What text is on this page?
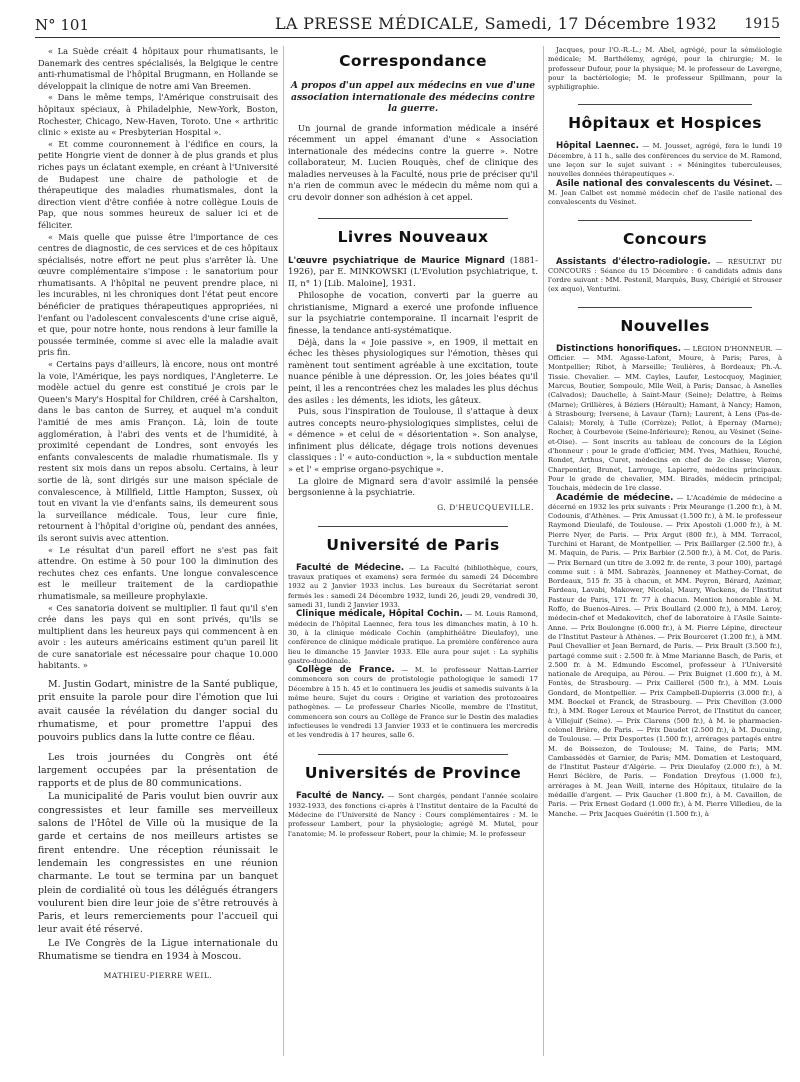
N° 101	LA PRESSE MÉDICALE, Samedi, 17 Décembre 1932 1915

« La Suède créait 4 hôpitaux pour rhumatisants, le Danemark des centres spécialisés, la Belgique le centre anti-rhumatismal de l'hôpital Brugmann, en Hollande se développait la clinique de notre ami Van Breemen.

« Dans le même temps, l'Amérique construisait des hôpitaux spéciaux, à Philadelphie, New-York, Boston, Rochester, Chicago, New-Haven, Toroto. Une « arthritic clinic » existe au « Presbyterian Hospital ».

« Et comme couronnement à l'édifice en cours, la petite Hongrie vient de donner à de plus grands et plus riches pays un éclatant exemple, en créant à l'Université de Budapest une chaire de pathologie et de thérapeutique des maladies rhumatismales, dont la direction vient d'être confiée à notre collègue Louis de Pap, que nous sommes heureux de saluer ici et de féliciter.

« Mais quelle que puisse être l'importance de ces centres de diagnostic, de ces services et de ces hôpitaux spécialisés, notre effort ne peut plus s'arrêter là. Une œuvre complémentaire s'impose : le sanatorium pour rhumatisants. A l'hôpital ne peuvent prendre place, ni les incurables, ni les chroniques dont l'état peut encore bénéficier de pratiques thérapeutiques appropriées, ni l'enfant ou l'adolescent convalescents d'une crise aiguë, et que, pour notre honte, nous rendons à leur famille la poussée terminée, comme si avec elle la maladie avait pris fin.

« Certains pays d'ailleurs, là encore, nous ont montré la voie, l'Amérique, les pays nordiques, l'Angleterre. Le modèle actuel du genre est constitué je crois par le Queen's Mary's Hospital for Children, créé à Carshalton, dans le bas canton de Surrey, et auquel m'a conduit l'amitié de mes amis Françon. Là, loin de toute agglomération, à l'abri des vents et de l'humidité, à proximité cependant de Londres, sont envoyés les enfants convalescents de maladie rhumatismale. Ils y restent six mois dans un repos absolu. Certains, à leur sortie de là, sont dirigés sur une maison spéciale de convalescence, à Millfield, Little Hampton, Sussex, où tout en vivant la vie d'enfants sains, ils demeurent sous la surveillance médicale. Tous, leur cure finie, retournent à l'hôpital d'origine où, pendant des années, ils seront suivis avec attention.

« Le résultat d'un pareil effort ne s'est pas fait attendre. On estime à 50 pour 100 la diminution des rechutes chez ces enfants. Une longue convalescence est le meilleur traitement de la cardiopathie rhumatismale, sa meilleure prophylaxie.

« Ces sanatoria doivent se multiplier. Il faut qu'il s'en crée dans les pays qui en sont privés, qu'ils se multiplient dans les heureux pays qui commencent à en avoir : les auteurs américains estiment qu'un pareil lit de cure sanatoriale est nécessaire pour chaque 10.000 habitants. »

M. Justin Godart, ministre de la Santé publique, prit ensuite la parole pour dire l'émotion que lui avait causée la révélation du danger social du rhumatisme, et pour promettre l'appui des pouvoirs publics dans la lutte contre ce fléau.

Les trois journées du Congrès ont été largement occupées par la présentation de rapports et de plus de 80 communications.

La municipalité de Paris voulut bien ouvrir aux congressistes et leur famille ses merveilleux salons de l'Hôtel de Ville où la musique de la garde et certains de nos meilleurs artistes se firent entendre. Une réception réunissait le lendemain les congressistes en une réunion charmante. Le tout se termina par un banquet plein de cordialité où tous les délégués étrangers voulurent bien dire leur joie de s'être retrouvés à Paris, et leurs remerciements pour l'accueil qui leur avait été réservé.

Le IVe Congrès de la Ligue internationale du Rhumatisme se tiendra en 1934 à Moscou.

MATHIEU-PIERRE WEIL.

Correspondance

A propos d'un appel aux médecins en vue d'une association internationale des médecins contre la guerre.

Un journal de grande information médicale a inséré récemment un appel émanant d'une « Association internationale des médecins contre la guerre ». Notre collaborateur, M. Lucien Rouquès, chef de clinique des maladies nerveuses à la Faculté, nous prie de préciser qu'il n'a rien de commun avec le médecin du même nom qui a cru devoir donner son adhésion à cet appel.

Livres Nouveaux

L'œuvre psychiatrique de Maurice Mignard (1881-1926), par E. MINKOWSKI (L'Evolution psychiatrique, t. II, n° 1) [Lib. Maloine], 1931.

Philosophe de vocation, converti par la guerre au christianisme, Mignard a exercé une profonde influence sur la psychiatrie contemporaine. Il incarnait l'esprit de finesse, la tendance anti-systématique.

Déjà, dans la « Joie passive », en 1909, il mettait en échec les thèses physiologiques sur l'émotion, thèses qui ramènent tout sentiment agréable à une excitation, toute nuance pénible à une dépression. Or, les joies béates qu'il peint, il les a rencontrées chez les malades les plus déchus des asiles : les déments, les idiots, les gâteux.

Puis, sous l'inspiration de Toulouse, il s'attaque à deux autres concepts neuro-physiologiques simplistes, celui de « démence » et celui de « désorientation ». Son analyse, infiniment plus délicate, dégage trois notions devenues classiques : l' « auto-conduction », la « subduction mentale » et l' « emprise organo-psychique ».

La gloire de Mignard sera d'avoir assimilé la pensée bergsonienne à la psychiatrie.

G. D'HEUCQUEVILLE.

Université de Paris

Faculté de Médecine. — La Faculté (bibliothèque, cours, travaux pratiques et examens) sera fermée du samedi 24 Décembre 1932 au 2 Janvier 1933 inclus. Les bureaux du Secrétariat seront fermés les : samedi 24 Décembre 1932, lundi 26, jeudi 29, vendredi 30, samedi 31, lundi 2 Janvier 1933.

Clinique médicale, Hôpital Cochin. — M. Louis Ramond, médecin de l'hôpital Laennec, fera tous les dimanches matin, à 10 h. 30, à la clinique médicale Cochin (amphithéâtre Dieulafoy), une conférence de clinique médicale pratique. La première conférence aura lieu le dimanche 15 Janvier 1933. Elle aura pour sujet : La syphilis gastro-duodénale.

Collège de France. — M. le professeur Nattan-Larrier commencera son cours de protistologie pathologique le samedi 17 Décembre à 15 h. 45 et le continuera les jeudis et samedis suivants à la même heure. Sujet du cours : Origine et variation des protozoaires pathogènes. — Le professeur Charles Nicolle, membre de l'Institut, commencera son cours au Collège de France sur le Destin des maladies infectieuses le vendredi 13 Janvier 1933 et le continuera les mercredis et les vendredis à 17 heures, salle 6.

Universités de Province

Faculté de Nancy. — Sont chargés, pendant l'année scolaire 1932-1933, des fonctions ci-après à l'Institut dentaire de la Faculté de Médecine de l'Université de Nancy : Cours complémentaires : M. le professeur Lambert, pour la physiologie; agrégé M. Mutel, pour l'anatomie; M. le professeur Robert, pour la chimie; M. le professeur

Jacques, pour l'O.-R.-L.; M. Abel, agrégé, pour la séméiologie médicale; M. Barthélemy, agrégé, pour la chirurgie; M. le professeur Dufour, pour la physique; M. le professeur de Lavergne, pour la bactériologie; M. le professeur Spillmann, pour la syphiligraphie.

Hôpitaux et Hospices

Hôpital Laennec. — M. Jousset, agrégé, fera le lundi 19 Décembre, à 11 h., salle des conférences du service de M. Ramond, une leçon sur le sujet suivant : « Méningites tuberculeuses, nouvelles données thérapeutiques ».

Asile national des convalescents du Vésinet. — M. Jean Calbet est nommé médecin chef de l'asile national des convalescents du Vésinet.

Concours

Assistants d'électro-radiologie. — RÉSULTAT DU CONCOURS : Séance du 15 Décembre : 6 candidats admis dans l'ordre suivant : MM. Pestenil, Marquès, Busy, Chérigié et Strouser (ex æquo), Venturini.

Nouvelles

Distinctions honorifiques. — LÉGION D'HONNEUR. — Officier. — MM. Agasse-Lafont, Moure, à Paris; Pares, à Montpellier; Ribot, à Marseille; Teulières, à Bordeaux; Ph.-A. Tissie. Chevalier. — MM. Cayles, Laufer, Lestocquoy, Maginier, Marcus, Boutier, Sompoulc, Mlle Weil, à Paris; Dansac, à Asnelles (Calvados); Dauchelle, à Saint-Maur (Seine); Delattre, à Reims (Marne); Grillières, à Béziers (Hérault); Hamant, à Nancy; Hamon, à Strasbourg; Iversene, à Lavaur (Tarn); Laurent, à Lens (Pas-de-Calais); Morely, à Tulle (Corrèze); Pellot, à Epernay (Marne); Rocher, à Courbevoie (Seine-Inférieure); Renou, au Vésinet (Seine-et-Oise). — Sont inscrits au tableau de concours de la Légion d'honneur : pour le grade d'officier, MM. Yves, Mathieu, Rouché, Rondet, Arthus, Curet, médecins en chef de 2e classe; Vieron, Charpentier, Brunet, Larrouge, Lapierre, médecins principaux. Pour le grade de chevalier, MM. Biradès, médecin principal; Touchais, médecin de 1re classe.

Académie de médecine. — L'Académie de médecine a décerné en 1932 les prix suivants : Prix Meurange (1.200 fr.), à M. Codounis, d'Athènes. — Prix Amussat (1.500 fr.), à M. le professeur Raymond Dieulafé, de Toulouse. — Prix Apostoli (1.000 fr.), à M. Pierre Nyer, de Paris. — Prix Argut (800 fr.), à MM. Terracol, Turchini et Harant, de Montpellier. — Prix Baillarger (2.500 fr.), à M. Maquin, de Paris. — Prix Barbier (2.500 fr.), à M. Cot, de Paris. — Prix Bernard (un titre de 3.092 fr. de rente, 3 pour 100), partagé comme suit : à MM. Sabrazès, Jeanneney et Mathey-Cornat, de Bordeaux, 515 fr. 35 à chacun, et MM. Peyron, Bérard, Azémar, Fardeau, Lavabi, Makower, Nicolai, Maury, Wackens, de l'Institut Pasteur de Paris, 171 fr. 77 à chacun. Mention honorable à M. Roffo, de Buenos-Aires. — Prix Boullard (2.000 fr.), à MM. Leroy, médecin-chef et Medakovitch, chef de laboratoire à l'Asile Sainte-Anne. — Prix Boulongne (6.000 fr.), à M. Pierre Lépine, directeur de l'Institut Pasteur à Athènes. — Prix Bourceret (1.200 fr.), à MM. Paul Chevallier et Jean Bernard, de Paris. — Prix Brault (3.500 fr.), partagé comme suit : 2.500 fr. à Mme Marianne Basch, de Paris, et 2.500 fr. à M. Edmundo Escomel, professeur à l'Université nationale de Arequipa, au Pérou. — Prix Buignet (1.600 fr.), à M. Fontès, de Strasbourg. — Prix Caillerel (500 fr.), à MM. Louis Gondard, de Montpellier. — Prix Campbell-Dupierris (3.000 fr.), à MM. Boeckel et Franck, de Strasbourg. — Prix Chevillon (3.000 fr.), à MM. Roger Leroux et Maurice Perrot, de l'Institut du cancer, à Villejuif (Seine). — Prix Clarens (500 fr.), à M. le pharmacien-colonel Brière, de Paris. — Prix Daudet (2.500 fr.), à M. Ducuing, de Toulouse. — Prix Desportes (1.500 fr.), arrérages partagés entre M. de Boissezon, de Toulouse; M. Taine, de Paris; MM. Cambassédès et Garnier, de Paris; MM. Domatien et Lestoquard, de l'Institut Pasteur d'Algérie. — Prix Dieulafoy (2.000 fr.), à M. Henri Béclère, de Paris. — Fondation Dreyfous (1.000 fr.), arrérages à M. Jean Weill, interne des Hôpitaux, titulaire de la médaille d'argent. — Prix Gaucher (1.800 fr.), à M. Cavaillon, de Paris. — Prix Ernest Godard (1.000 fr.), à M. Pierre Villedieu, de la Manche. — Prix Jacques Guérétin (1.500 fr.), à
